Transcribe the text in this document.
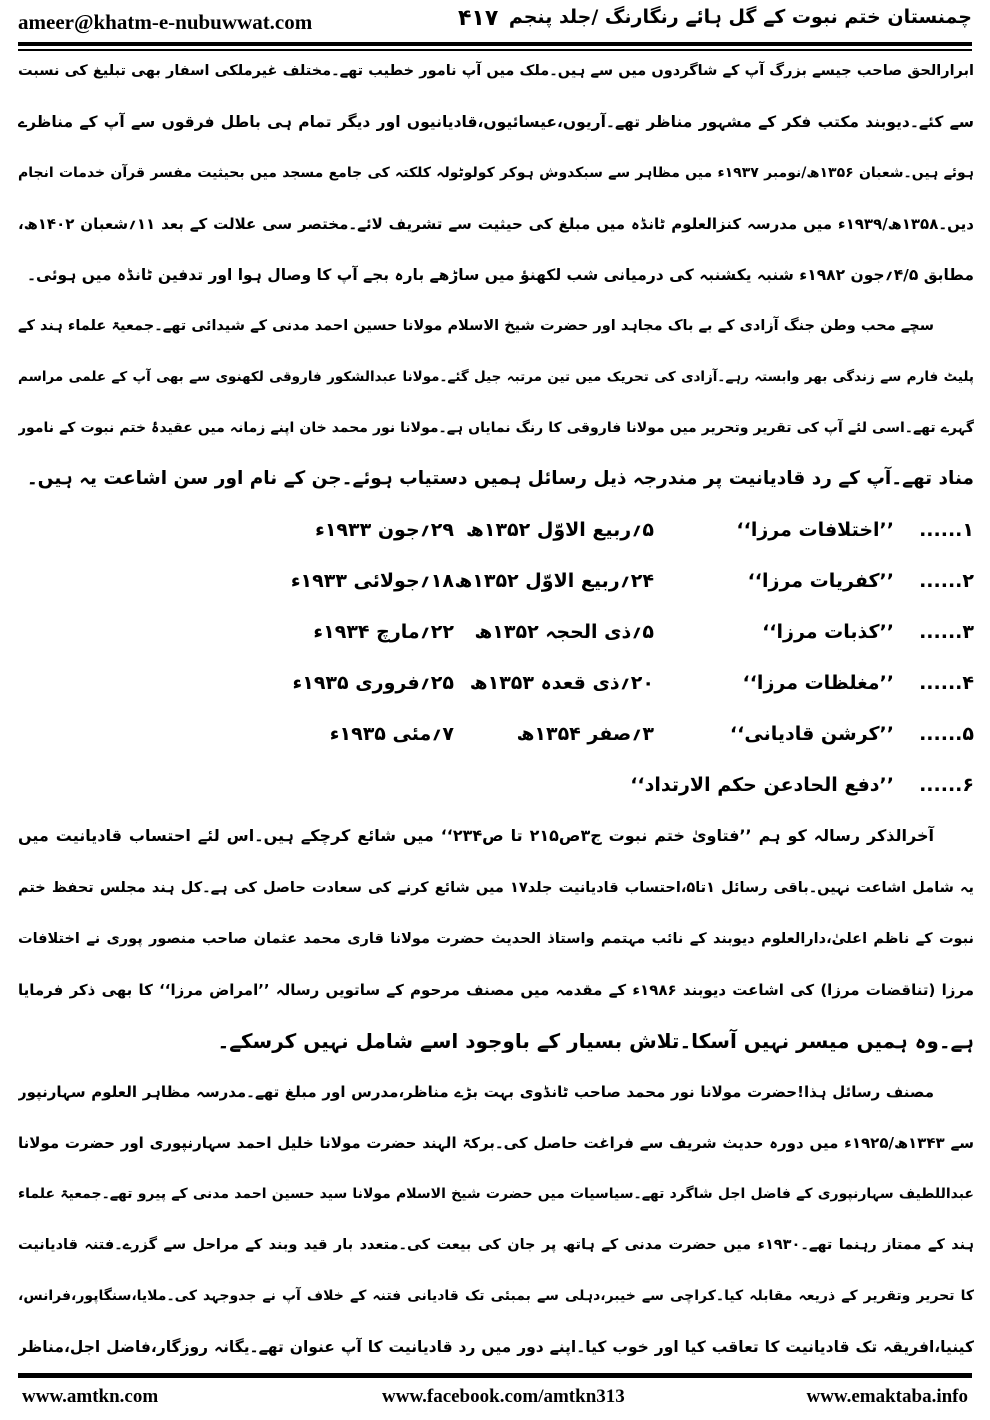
ameer@khatm-e-nubuwwat.com	۴۱۷ چمنستان ختم نبوت کے گل ہائے رنگارنگ /جلد پنجم
ابرارالحق صاحب جیسے بزرگ آپ کے شاگردوں میں سے ہیں۔ملک میں آپ نامور خطیب تھے۔مختلف غیرملکی اسفار بھی تبلیغ کی نسبت
سے کئے۔دیوبند مکتب فکر کے مشہور مناظر تھے۔آریوں،عیسائیوں،قادیانیوں اور دیگر تمام ہی باطل فرقوں سے آپ کے مناظرے
ہوئے ہیں۔شعبان ۱۳۵۶ھ/نومبر ۱۹۳۷ء میں مظاہر سے سبکدوش ہوکر کولوٹولہ کلکتہ کی جامع مسجد میں بحیثیت مفسر قرآن خدمات انجام
دیں۔۱۳۵۸ھ/۱۹۳۹ء میں مدرسہ کنزالعلوم ٹانڈہ میں مبلغ کی حیثیت سے تشریف لائے۔مختصر سی علالت کے بعد ۱۱؍شعبان ۱۴۰۲ھ،
مطابق ۴/۵؍جون ۱۹۸۲ء شنبہ یکشنبہ کی درمیانی شب لکھنؤ میں ساڑھے بارہ بجے آپ کا وصال ہوا اور تدفین ٹانڈہ میں ہوئی۔
سچے محب وطن جنگ آزادی کے بے باک مجاہد اور حضرت شیخ الاسلام مولانا حسین احمد مدنی کے شیدائی تھے۔جمعیۃ علماء ہند کے
پلیٹ فارم سے زندگی بھر وابستہ رہے۔آزادی کی تحریک میں تین مرتبہ جیل گئے۔مولانا عبدالشکور فاروقی لکھنوی سے بھی آپ کے علمی مراسم
گہرے تھے۔اسی لئے آپ کی تقریر وتحریر میں مولانا فاروقی کا رنگ نمایاں ہے۔مولانا نور محمد خان اپنے زمانہ میں عقیدۂ ختم نبوت کے نامور
مناد تھے۔آپ کے رد قادیانیت پر مندرجہ ذیل رسائل ہمیں دستیاب ہوئے۔جن کے نام اور سن اشاعت یہ ہیں۔
۱......
’’اختلافات مرزا‘‘
۵؍ربیع الاوّل ۱۳۵۲ھ
۲۹؍جون ۱۹۳۳ء
۲......
’’کفریات مرزا‘‘
۲۴؍ربیع الاوّل ۱۳۵۲ھ
۱۸؍جولائی ۱۹۳۳ء
۳......
’’کذبات مرزا‘‘
۵؍ذی الحجہ ۱۳۵۲ھ
۲۲؍مارچ ۱۹۳۴ء
۴......
’’مغلظات مرزا‘‘
۲۰؍ذی قعدہ ۱۳۵۳ھ
۲۵؍فروری ۱۹۳۵ء
۵......
’’کرشن قادیانی‘‘
۳؍صفر ۱۳۵۴ھ
۷؍مئی ۱۹۳۵ء
۶......
’’دفع الحادعن حکم الارتداد‘‘
آخرالذکر رسالہ کو ہم ’’فتاویٰ ختم نبوت ج۳ص۲۱۵ تا ص۲۳۴‘‘ میں شائع کرچکے ہیں۔اس لئے احتساب قادیانیت میں
یہ شامل اشاعت نہیں۔باقی رسائل ۱تا۵،احتساب قادیانیت جلد۱۷ میں شائع کرنے کی سعادت حاصل کی ہے۔کل ہند مجلس تحفظ ختم
نبوت کے ناظم اعلیٰ،دارالعلوم دیوبند کے نائب مہتمم واستاذ الحدیث حضرت مولانا قاری محمد عثمان صاحب منصور پوری نے اختلافات
مرزا (تناقضات مرزا) کی اشاعت دیوبند ۱۹۸۶ء کے مقدمہ میں مصنف مرحوم کے ساتویں رسالہ ’’امراض مرزا‘‘ کا بھی ذکر فرمایا
ہے۔وہ ہمیں میسر نہیں آسکا۔تلاش بسیار کے باوجود اسے شامل نہیں کرسکے۔
مصنف رسائل ہذا!حضرت مولانا نور محمد صاحب ٹانڈوی بہت بڑے مناظر،مدرس اور مبلغ تھے۔مدرسہ مظاہر العلوم سہارنپور
سے ۱۳۴۳ھ/۱۹۲۵ء میں دورہ حدیث شریف سے فراغت حاصل کی۔برکۃ الہند حضرت مولانا خلیل احمد سہارنپوری اور حضرت مولانا
عبداللطیف سہارنپوری کے فاضل اجل شاگرد تھے۔سیاسیات میں حضرت شیخ الاسلام مولانا سید حسین احمد مدنی کے پیرو تھے۔جمعیۃ علماء
ہند کے ممتاز رہنما تھے۔۱۹۳۰ء میں حضرت مدنی کے ہاتھ پر جان کی بیعت کی۔متعدد بار قید وبند کے مراحل سے گزرے۔فتنہ قادیانیت
کا تحریر وتقریر کے ذریعہ مقابلہ کیا۔کراچی سے خیبر،دہلی سے بمبئی تک قادیانی فتنہ کے خلاف آپ نے جدوجہد کی۔ملایا،سنگاپور،فرانس،
کینیا،افریقہ تک قادیانیت کا تعاقب کیا اور خوب کیا۔اپنے دور میں رد قادیانیت کا آپ عنوان تھے۔یگانہ روزگار،فاضل اجل،مناظر
www.amtkn.com	www.facebook.com/amtkn313	www.emaktaba.info
